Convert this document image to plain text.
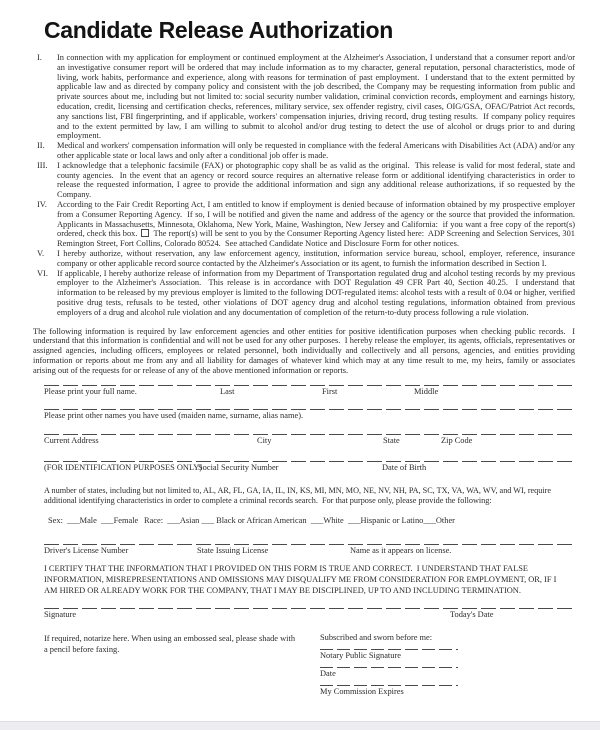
Candidate Release Authorization
I.	In connection with my application for employment or continued employment at the Alzheimer's Association, I understand that a consumer report and/or an investigative consumer report will be ordered that may include information as to my character, general reputation, personal characteristics, mode of living, work habits, performance and experience, along with reasons for termination of past employment.  I understand that to the extent permitted by applicable law and as directed by company policy and consistent with the job described, the Company may be requesting information from public and private sources about me, including but not limited to: social security number validation, criminal conviction records, employment and earnings history, education, credit, licensing and certification checks, references, military service, sex offender registry, civil cases, OIG/GSA, OFAC/Patriot Act records, any sanctions list, FBI fingerprinting, and if applicable, workers' compensation injuries, driving record, drug testing results.  If company policy requires and to the extent permitted by law, I am willing to submit to alcohol and/or drug testing to detect the use of alcohol or drugs prior to and during employment.
II.	Medical and workers' compensation information will only be requested in compliance with the federal Americans with Disabilities Act (ADA) and/or any other applicable state or local laws and only after a conditional job offer is made.
III.	I acknowledge that a telephonic facsimile (FAX) or photographic copy shall be as valid as the original.  This release is valid for most federal, state and county agencies.  In the event that an agency or record source requires an alternative release form or additional identifying characteristics in order to release the requested information, I agree to provide the additional information and sign any additional release authorizations, if so requested by the Company.
IV.	According to the Fair Credit Reporting Act, I am entitled to know if employment is denied because of information obtained by my prospective employer from a Consumer Reporting Agency.  If so, I will be notified and given the name and address of the agency or the source that provided the information. Applicants in Massachusetts, Minnesota, Oklahoma, New York, Maine, Washington, New Jersey and California:  if you want a free copy of the report(s) ordered, check this box. The report(s) will be sent to you by the Consumer Reporting Agency listed here:  ADP Screening and Selection Services, 301 Remington Street, Fort Collins, Colorado 80524.  See attached Candidate Notice and Disclosure Form for other notices.
V.	I hereby authorize, without reservation, any law enforcement agency, institution, information service bureau, school, employer, reference, insurance company or other applicable record source contacted by the Alzheimer's Association or its agent, to furnish the information described in Section I.
VI.	If applicable, I hereby authorize release of information from my Department of Transportation regulated drug and alcohol testing records by my previous employer to the Alzheimer's Association.  This release is in accordance with DOT Regulation 49 CFR Part 40, Section 40.25.  I understand that information to be released by my previous employer is limited to the following DOT-regulated items: alcohol tests with a result of 0.04 or higher, verified positive drug tests, refusals to be tested, other violations of DOT agency drug and alcohol testing regulations, information obtained from previous employers of a drug and alcohol rule violation and any documentation of completion of the return-to-duty process following a rule violation.

The following information is required by law enforcement agencies and other entities for positive identification purposes when checking public records.  I understand that this information is confidential and will not be used for any other purposes.  I hereby release the employer, its agents, officials, representatives or assigned agencies, including officers, employees or related personnel, both individually and collectively and all persons, agencies, and entities providing information or reports about me from any and all liability for damages of whatever kind which may at any time result to me, my heirs, family or associates arising out of the requests for or release of any of the above mentioned information or reports.

Please print your full name.	Last	First	Middle
Please print other names you have used (maiden name, surname, alias name).
Current Address	City	State	Zip Code
(FOR IDENTIFICATION PURPOSES ONLY)
Social Security Number	Date of Birth

A number of states, including but not limited to, AL, AR, FL, GA, IA, IL, IN, KS, MI, MN, MO, NE, NV, NH, PA, SC, TX, VA, WA, WV, and WI, require additional identifying characteristics in order to complete a criminal records search.  For that purpose only, please provide the following:

Sex:  ___Male  ___Female Race:  ___Asian ___ Black or African American  ___White  ___Hispanic or Latino___Other
Driver's License Number	State Issuing License	Name as it appears on license.

I CERTIFY THAT THE INFORMATION THAT I PROVIDED ON THIS FORM IS TRUE AND CORRECT.  I UNDERSTAND THAT FALSE INFORMATION, MISREPRESENTATIONS AND OMISSIONS MAY DISQUALIFY ME FROM CONSIDERATION FOR EMPLOYMENT, OR, IF I AM HIRED OR ALREADY WORK FOR THE COMPANY, THAT I MAY BE DISCIPLINED, UP TO AND INCLUDING TERMINATION.

Signature	Today's Date
If required, notarize here. When using an embossed seal, please shade with a pencil before faxing.
Subscribed and sworn before me:
Notary Public Signature
Date
My Commission Expires
